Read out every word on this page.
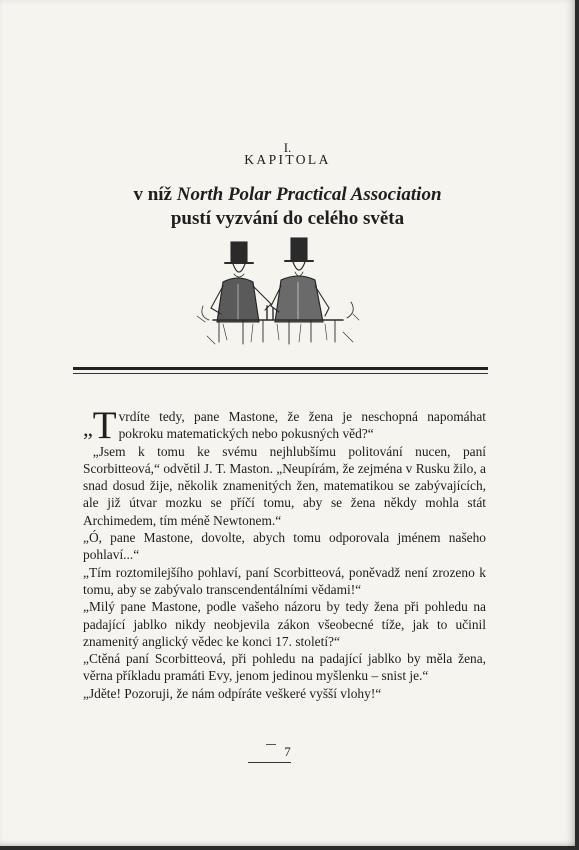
I.
KAPITOLA
v níž North Polar Practical Association
pustí vyzvání do celého světa

„ T vrdíte tedy, pane Mastone, že žena je neschopná napomáhat pokroku matematických nebo pokusných věd?“

„Jsem k tomu ke svému nejhlubšímu politování nucen, paní Scorbitteová,“ odvětil J. T. Maston. „Neupírám, že zejména v Rusku žilo, a snad dosud žije, několik znamenitých žen, matematikou se zabývajících, ale již útvar mozku se příčí tomu, aby se žena někdy mohla stát Archimedem, tím méně Newtonem.“

„Ó, pane Mastone, dovolte, abych tomu odporovala jménem našeho pohlaví...“

„Tím roztomilejšího pohlaví, paní Scorbitteová, poněvadž není zrozeno k tomu, aby se zabývalo transcendentálními vědami!“

„Milý pane Mastone, podle vašeho názoru by tedy žena při pohledu na padající jablko nikdy neobjevila zákon všeobecné tíže, jak to učinil znamenitý anglický vědec ke konci 17. století?“

„Ctěná paní Scorbitteová, při pohledu na padající jablko by měla žena, věrna příkladu pramáti Evy, jenom jedinou myšlenku – snist je.“

„Jděte! Pozoruji, že nám odpíráte veškeré vyšší vlohy!“

7
